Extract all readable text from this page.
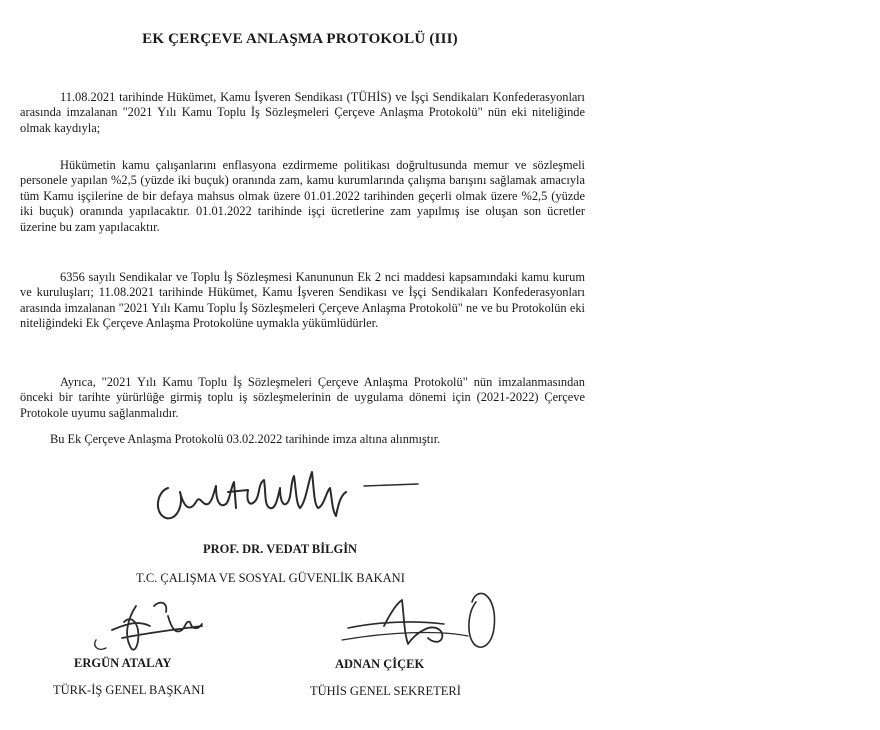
EK ÇERÇEVE ANLAŞMA PROTOKOLÜ (III)

11.08.2021 tarihinde Hükümet, Kamu İşveren Sendikası (TÜHİS) ve İşçi Sendikaları Konfederasyonları arasında imzalanan "2021 Yılı Kamu Toplu İş Sözleşmeleri Çerçeve Anlaşma Protokolü" nün eki niteliğinde olmak kaydıyla;

Hükümetin kamu çalışanlarını enflasyona ezdirmeme politikası doğrultusunda memur ve sözleşmeli personele yapılan %2,5 (yüzde iki buçuk) oranında zam, kamu kurumlarında çalışma barışını sağlamak amacıyla tüm Kamu işçilerine de bir defaya mahsus olmak üzere 01.01.2022 tarihinden geçerli olmak üzere %2,5 (yüzde iki buçuk) oranında yapılacaktır. 01.01.2022 tarihinde işçi ücretlerine zam yapılmış ise oluşan son ücretler üzerine bu zam yapılacaktır.

6356 sayılı Sendikalar ve Toplu İş Sözleşmesi Kanununun Ek 2 nci maddesi kapsamındaki kamu kurum ve kuruluşları; 11.08.2021 tarihinde Hükümet, Kamu İşveren Sendikası ve İşçi Sendikaları Konfederasyonları arasında imzalanan "2021 Yılı Kamu Toplu İş Sözleşmeleri Çerçeve Anlaşma Protokolü" ne ve bu Protokolün eki niteliğindeki Ek Çerçeve Anlaşma Protokolüne uymakla yükümlüdürler.

Ayrıca, "2021 Yılı Kamu Toplu İş Sözleşmeleri Çerçeve Anlaşma Protokolü" nün imzalanmasından önceki bir tarihte yürürlüğe girmiş toplu iş sözleşmelerinin de uygulama dönemi için (2021-2022) Çerçeve Protokole uyumu sağlanmalıdır.

Bu Ek Çerçeve Anlaşma Protokolü 03.02.2022 tarihinde imza altına alınmıştır.

PROF. DR. VEDAT BİLGİN
T.C. ÇALIŞMA VE SOSYAL GÜVENLİK BAKANI
ERGÜN ATALAY
TÜRK-İŞ GENEL BAŞKANI
ADNAN ÇİÇEK
TÜHİS GENEL SEKRETERİ
